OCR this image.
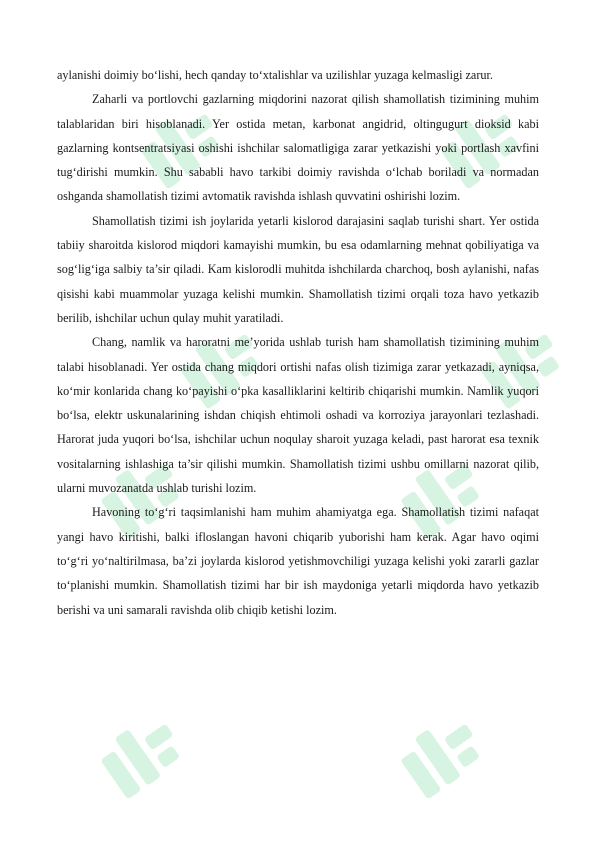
aylanishi doimiy bo‘lishi, hech qanday to‘xtalishlar va uzilishlar yuzaga kelmasligi zarur.

Zaharli va portlovchi gazlarning miqdorini nazorat qilish shamollatish tizimining muhim talablaridan biri hisoblanadi. Yer ostida metan, karbonat angidrid, oltingugurt dioksid kabi gazlarning kontsentratsiyasi oshishi ishchilar salomatligiga zarar yetkazishi yoki portlash xavfini tug‘dirishi mumkin. Shu sababli havo tarkibi doimiy ravishda o‘lchab boriladi va normadan oshganda shamollatish tizimi avtomatik ravishda ishlash quvvatini oshirishi lozim.

Shamollatish tizimi ish joylarida yetarli kislorod darajasini saqlab turishi shart. Yer ostida tabiiy sharoitda kislorod miqdori kamayishi mumkin, bu esa odamlarning mehnat qobiliyatiga va sog‘lig‘iga salbiy ta’sir qiladi. Kam kislorodli muhitda ishchilarda charchoq, bosh aylanishi, nafas qisishi kabi muammolar yuzaga kelishi mumkin. Shamollatish tizimi orqali toza havo yetkazib berilib, ishchilar uchun qulay muhit yaratiladi.

Chang, namlik va haroratni me’yorida ushlab turish ham shamollatish tizimining muhim talabi hisoblanadi. Yer ostida chang miqdori ortishi nafas olish tizimiga zarar yetkazadi, ayniqsa, ko‘mir konlarida chang ko‘payishi o‘pka kasalliklarini keltirib chiqarishi mumkin. Namlik yuqori bo‘lsa, elektr uskunalarining ishdan chiqish ehtimoli oshadi va korroziya jarayonlari tezlashadi. Harorat juda yuqori bo‘lsa, ishchilar uchun noqulay sharoit yuzaga keladi, past harorat esa texnik vositalarning ishlashiga ta’sir qilishi mumkin. Shamollatish tizimi ushbu omillarni nazorat qilib, ularni muvozanatda ushlab turishi lozim.

Havoning to‘g‘ri taqsimlanishi ham muhim ahamiyatga ega. Shamollatish tizimi nafaqat yangi havo kiritishi, balki ifloslangan havoni chiqarib yuborishi ham kerak. Agar havo oqimi to‘g‘ri yo‘naltirilmasa, ba’zi joylarda kislorod yetishmovchiligi yuzaga kelishi yoki zararli gazlar to‘planishi mumkin. Shamollatish tizimi har bir ish maydoniga yetarli miqdorda havo yetkazib berishi va uni samarali ravishda olib chiqib ketishi lozim.
